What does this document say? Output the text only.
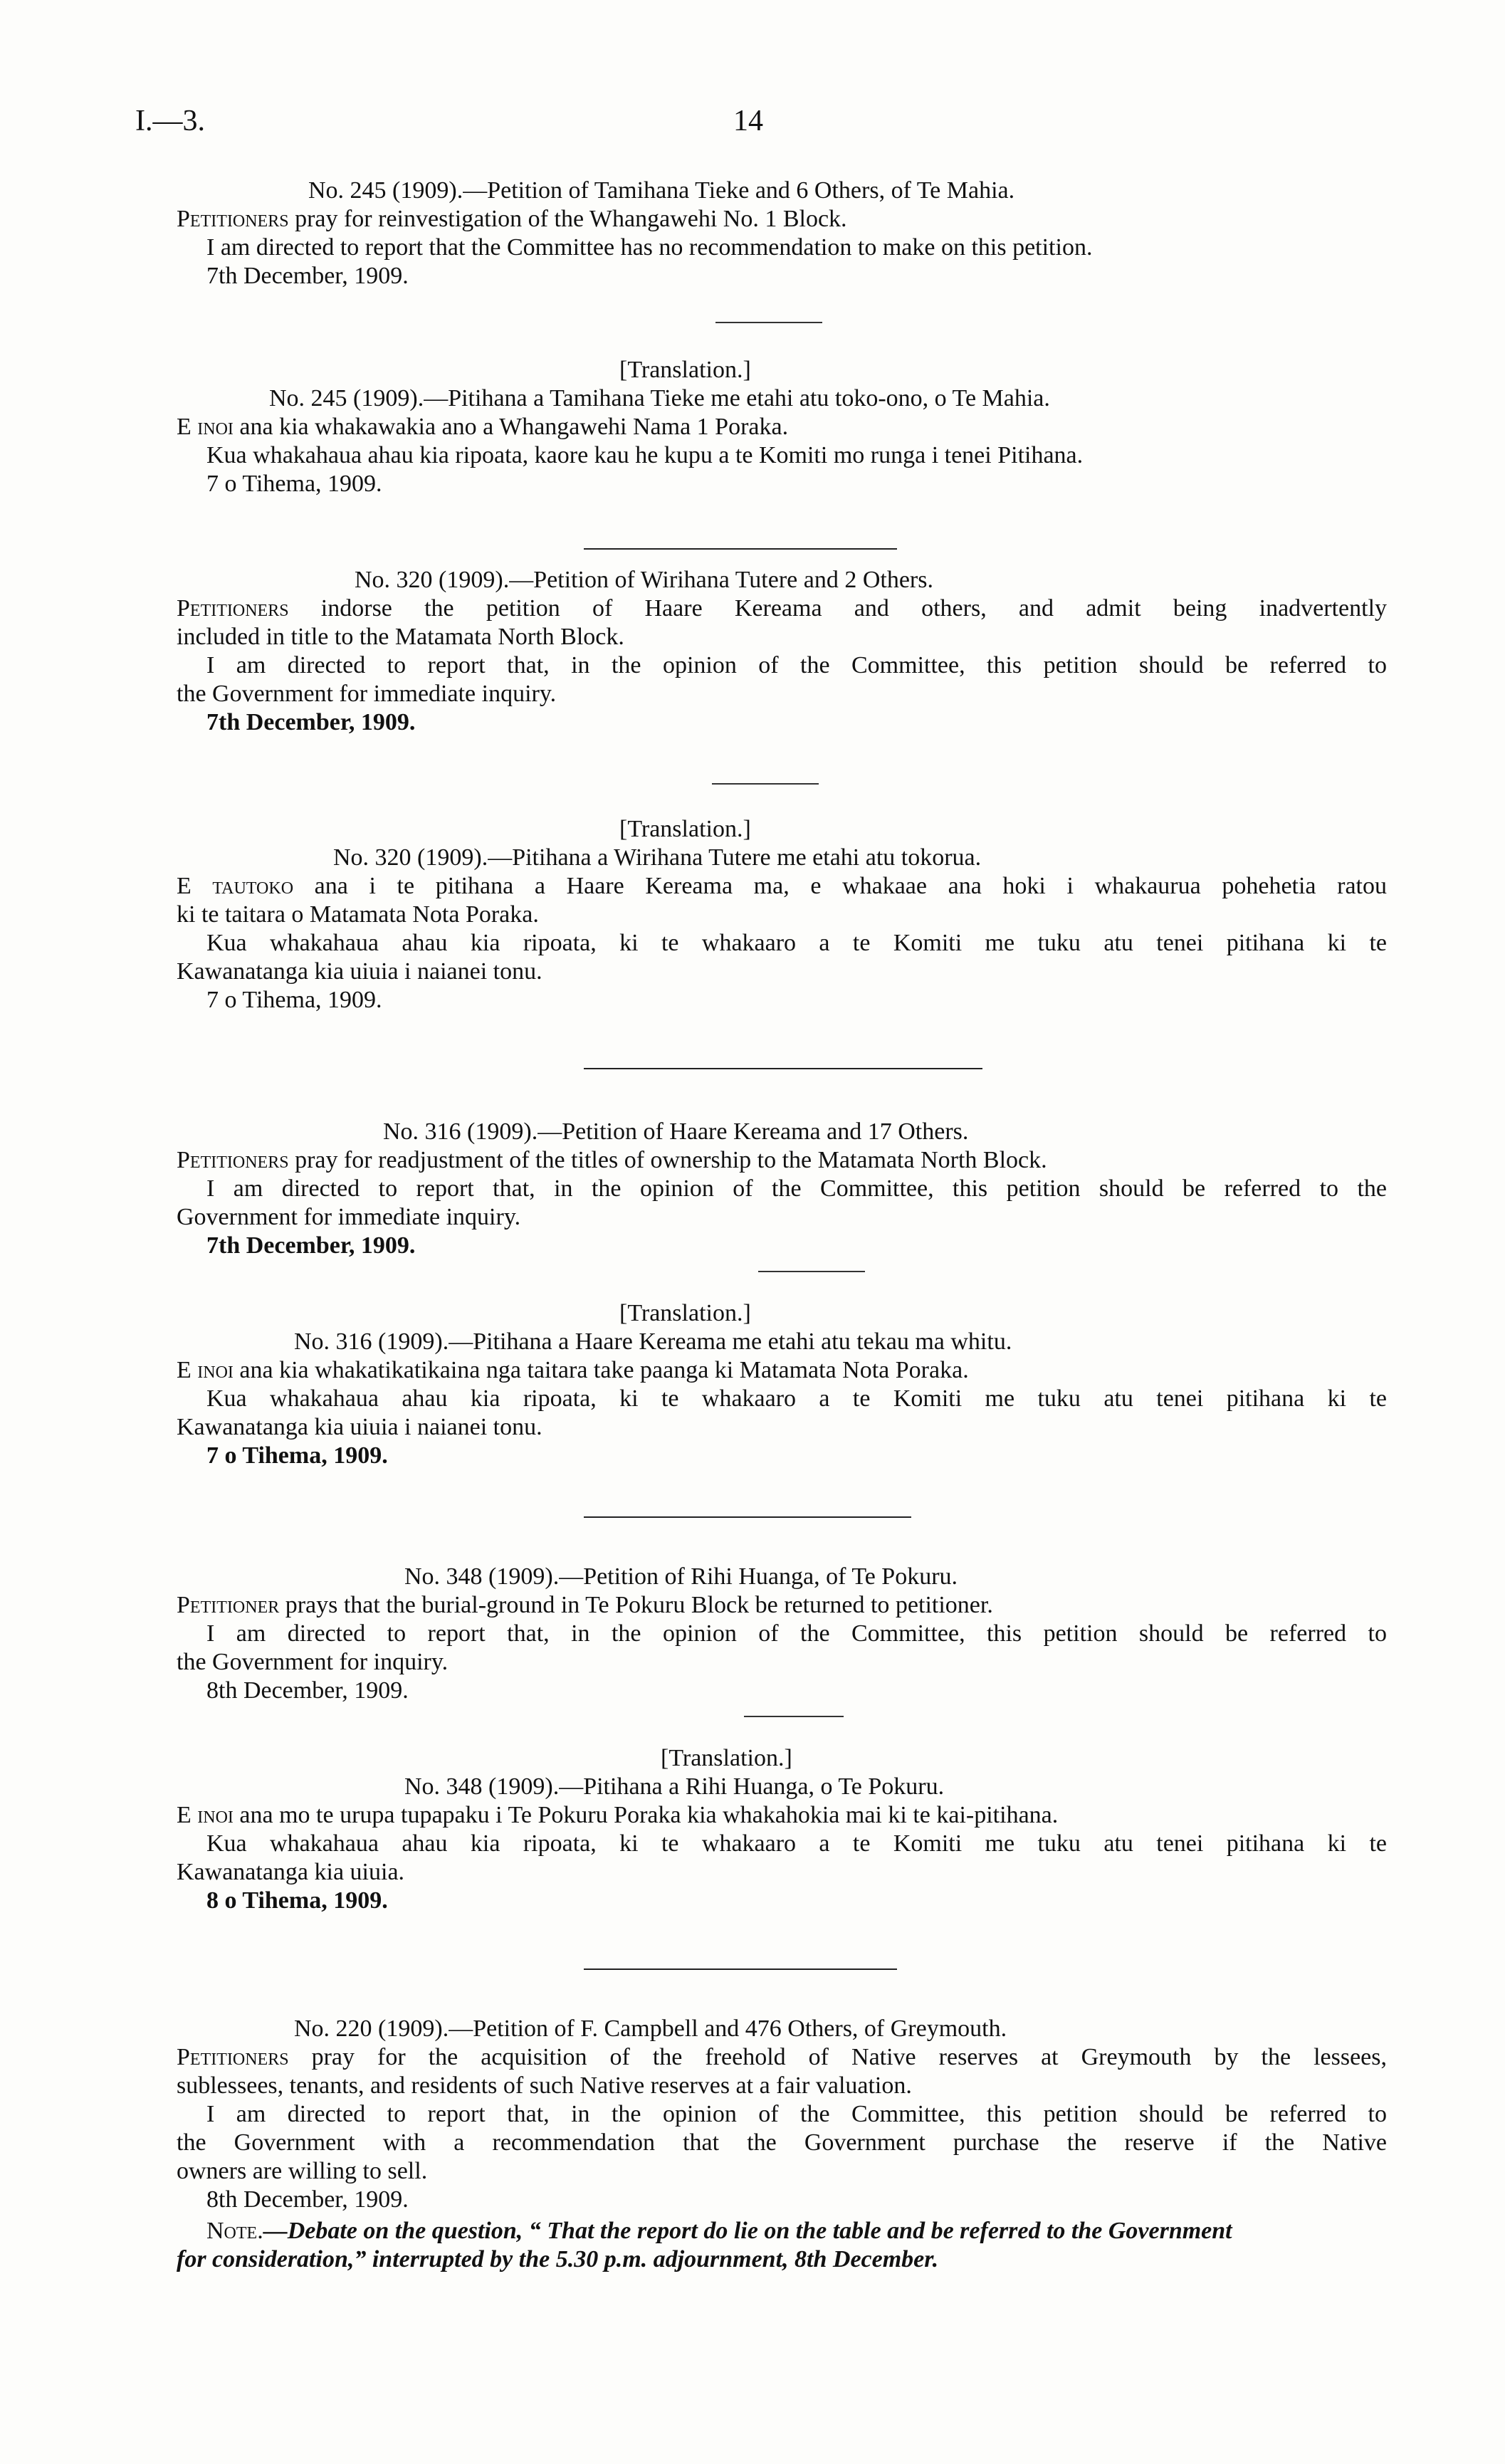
I.—3.	14
No. 245 (1909).—Petition of Tamihana Tieke and 6 Others, of Te Mahia.
Petitioners pray for reinvestigation of the Whangawehi No. 1 Block.
I am directed to report that the Committee has no recommendation to make on this petition.
7th December, 1909.
[Translation.]
No. 245 (1909).—Pitihana a Tamihana Tieke me etahi atu toko-ono, o Te Mahia.
E inoi ana kia whakawakia ano a Whangawehi Nama 1 Poraka.
Kua whakahaua ahau kia ripoata, kaore kau he kupu a te Komiti mo runga i tenei Pitihana.
7 o Tihema, 1909.
No. 320 (1909).—Petition of Wirihana Tutere and 2 Others.
Petitioners indorse the petition of Haare Kereama and others, and admit being inadvertently
included in title to the Matamata North Block.
I am directed to report that, in the opinion of the Committee, this petition should be referred to
the Government for immediate inquiry.
7th December, 1909.
[Translation.]
No. 320 (1909).—Pitihana a Wirihana Tutere me etahi atu tokorua.
E tautoko ana i te pitihana a Haare Kereama ma, e whakaae ana hoki i whakaurua pohehetia ratou
ki te taitara o Matamata Nota Poraka.
Kua whakahaua ahau kia ripoata, ki te whakaaro a te Komiti me tuku atu tenei pitihana ki te
Kawanatanga kia uiuia i naianei tonu.
7 o Tihema, 1909.
No. 316 (1909).—Petition of Haare Kereama and 17 Others.
Petitioners pray for readjustment of the titles of ownership to the Matamata North Block.
I am directed to report that, in the opinion of the Committee, this petition should be referred to the
Government for immediate inquiry.
7th December, 1909.
[Translation.]
No. 316 (1909).—Pitihana a Haare Kereama me etahi atu tekau ma whitu.
E inoi ana kia whakatikatikaina nga taitara take paanga ki Matamata Nota Poraka.
Kua whakahaua ahau kia ripoata, ki te whakaaro a te Komiti me tuku atu tenei pitihana ki te
Kawanatanga kia uiuia i naianei tonu.
7 o Tihema, 1909.
No. 348 (1909).—Petition of Rihi Huanga, of Te Pokuru.
Petitioner prays that the burial-ground in Te Pokuru Block be returned to petitioner.
I am directed to report that, in the opinion of the Committee, this petition should be referred to
the Government for inquiry.
8th December, 1909.
[Translation.]
No. 348 (1909).—Pitihana a Rihi Huanga, o Te Pokuru.
E inoi ana mo te urupa tupapaku i Te Pokuru Poraka kia whakahokia mai ki te kai-pitihana.
Kua whakahaua ahau kia ripoata, ki te whakaaro a te Komiti me tuku atu tenei pitihana ki te
Kawanatanga kia uiuia.
8 o Tihema, 1909.
No. 220 (1909).—Petition of F. Campbell and 476 Others, of Greymouth.
Petitioners pray for the acquisition of the freehold of Native reserves at Greymouth by the lessees,
sublessees, tenants, and residents of such Native reserves at a fair valuation.
I am directed to report that, in the opinion of the Committee, this petition should be referred to
the Government with a recommendation that the Government purchase the reserve if the Native
owners are willing to sell.
8th December, 1909.
Note.—Debate on the question, “ That the report do lie on the table and be referred to the Government
for consideration,” interrupted by the 5.30 p.m. adjournment, 8th December.
